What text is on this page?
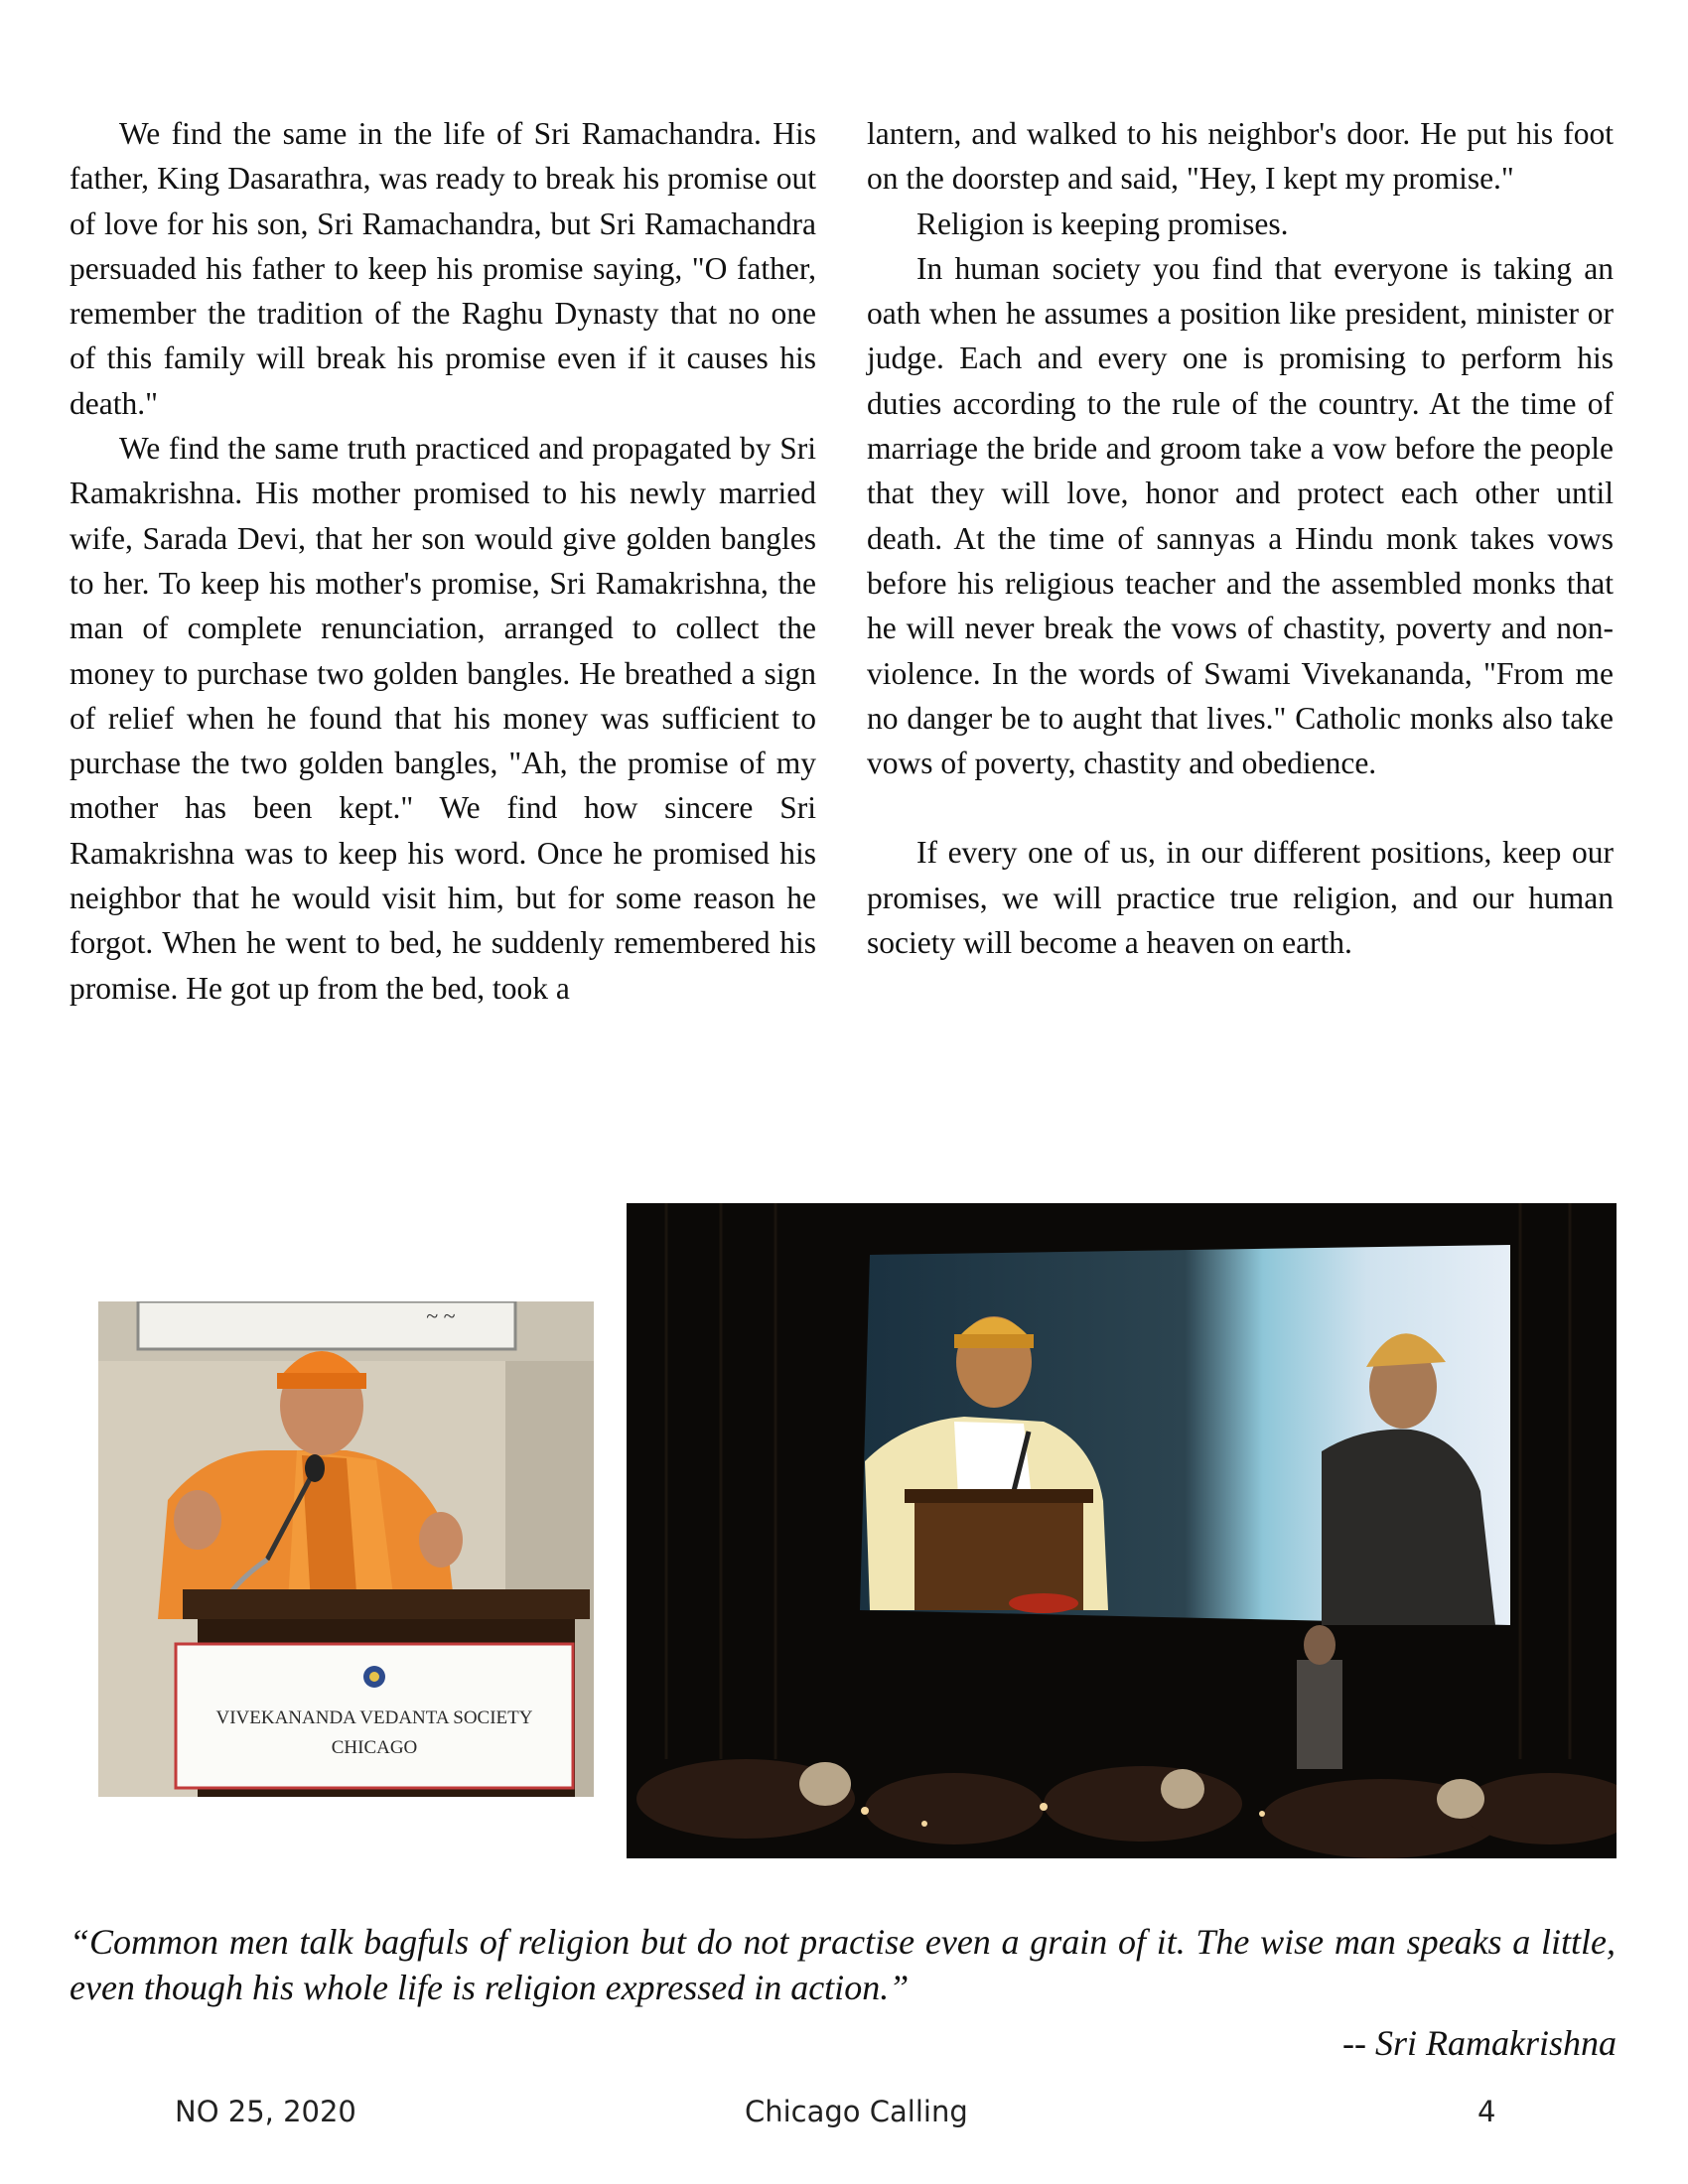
We find the same in the life of Sri Ramachandra. His father, King Dasarathra, was ready to break his promise out of love for his son, Sri Ramachandra, but Sri Ramachandra persuaded his father to keep his promise saying, "O father, remember the tradition of the Raghu Dynasty that no one of this family will break his promise even if it causes his death."

We find the same truth practiced and propagated by Sri Ramakrishna. His mother promised to his newly married wife, Sarada Devi, that her son would give golden bangles to her. To keep his mother's promise, Sri Ramakrishna, the man of complete renunciation, arranged to collect the money to purchase two golden bangles. He breathed a sign of relief when he found that his money was sufficient to purchase the two golden bangles, "Ah, the promise of my mother has been kept." We find how sincere Sri Ramakrishna was to keep his word. Once he promised his neighbor that he would visit him, but for some reason he forgot. When he went to bed, he suddenly remembered his promise. He got up from the bed, took a

lantern, and walked to his neighbor's door. He put his foot on the doorstep and said, "Hey, I kept my promise."

Religion is keeping promises.

In human society you find that everyone is taking an oath when he assumes a position like president, minister or judge. Each and every one is promising to perform his duties according to the rule of the country. At the time of marriage the bride and groom take a vow before the people that they will love, honor and protect each other until death. At the time of sannyas a Hindu monk takes vows before his religious teacher and the assembled monks that he will never break the vows of chastity, poverty and non-violence. In the words of Swami Vivekananda, "From me no danger be to aught that lives." Catholic monks also take vows of poverty, chastity and obedience.

If every one of us, in our different positions, keep our promises, we will practice true religion, and our human society will become a heaven on earth.

~ ~
VIVEKANANDA VEDANTA SOCIETY
CHICAGO
“Common men talk bagfuls of religion but do not practise even a grain of it. The wise man speaks a little, even though his whole life is religion expressed in action.”
-- Sri Ramakrishna
NO 25, 2020	Chicago Calling	4
